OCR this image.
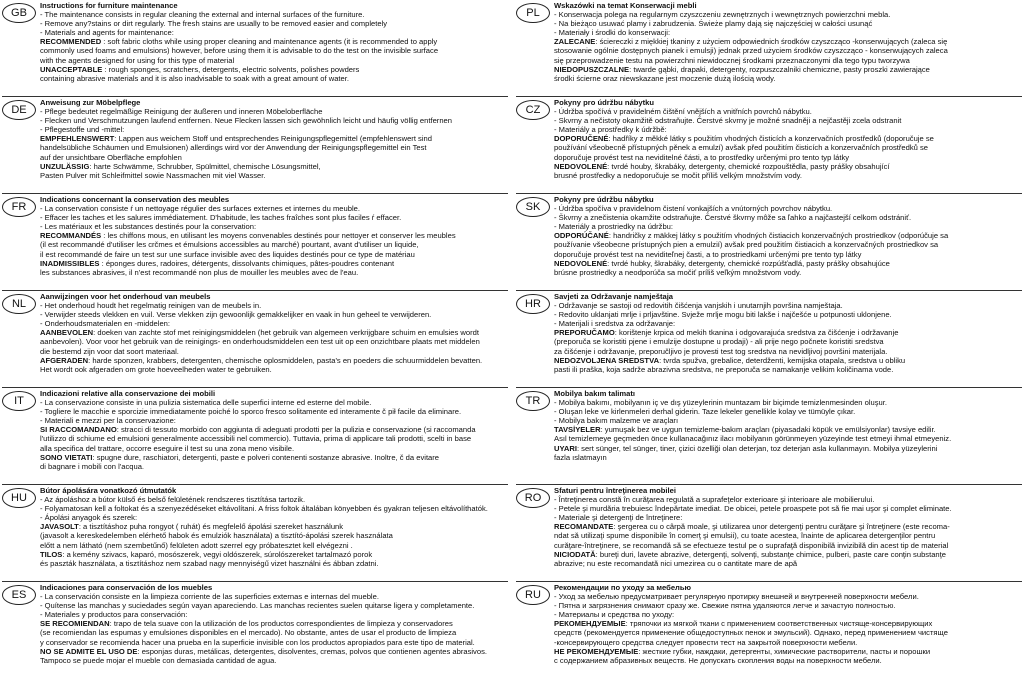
GB
Instructions for furniture maintenance
- The maintenance consists in regular cleaning the external and internal surfaces of the furniture.
- Remove any?stains or dirt regularly. The fresh stains are usually to be removed easier and completely
- Materials and agents for maintenance:
RECOMMENDED : soft fabric cloths while using proper cleaning and maintenance agents (it is recommended to apply
commonly used foams and emulsions) however, before using them it is advisable to do the test on the invisible surface
with the agents designed for using for this type of material
UNACCEPTABLE : rough sponges, scratchers, detergents, electric solvents, polishes powders
containing abrasive materials and it is also inadvisable to soak with a great amount of water.
DE
Anweisung zur Möbelpflege
- Pflege bedeutet regelmäßige Reinigung der äußeren und inneren Möbeloberfläche
- Flecken und Verschmutzungen laufend entfernen. Neue Flecken lassen sich gewöhnlich leicht und häufig völlig entfernen
- Pflegestoffe und -mittel:
EMPFEHLENSWERT: Lappen aus weichem Stoff und entsprechendes Reinigungspflegemittel (empfehlenswert sind
handelsübliche Schäumen und Emulsionen) allerdings wird vor der Anwendung der Reinigungspflegemittel ein Test
auf der unsichtbare Oberfläche empfohlen
UNZULÄSSIG: harte Schwämme, Schrubber, Spülmittel, chemische Lösungsmittel,
Pasten Pulver mit Schleifmittel sowie Nassmachen mit viel Wasser.
FR
Indications concernant la conservation des meubles
- La conservation consiste ŕ un nettoyage régulier des surfaces externes et internes du meuble.
- Effacer les taches et les salures immédiatement. D'habitude, les taches fraîches sont plus faciles ŕ effacer.
- Les matériaux et les substances destinés pour la conservation:
RECOMMANDÉS : les chiffons mous, en utilisant les moyens convenables destinés pour nettoyer et conserver les meubles
(il est recommandé d'utiliser les crčmes et émulsions accessibles au marché) pourtant, avant d'utiliser un liquide,
il est recommandé de faire un test sur une surface invisible avec des liquides destinés pour ce type de matériau
INADMISSIBLES : éponges dures, radoires, détergents, dissolvants chimiques, pâtes-poudres contenant
les substances abrasives, il n'est recommandé non plus de mouiller les meubles avec de l'eau.
NL
Aanwijzingen voor het onderhoud van meubels
- Het onderhoud houdt het regelmatig reinigen van de meubels in.
- Verwijder steeds vlekken en vuil. Verse vlekken zijn gewoonlijk gemakkelijker en vaak in hun geheel te verwijderen.
- Onderhoudsmaterialen en -middelen:
AANBEVOLEN: doeken van zachte stof met reinigingsmiddelen (het gebruik van algemeen verkrijgbare schuim en emulsies wordt
aanbevolen). Voor voor het gebruik van de reinigings- en onderhoudsmiddelen een test uit op een onzichtbare plaats met middelen
die bestemd zijn voor dat soort materiaal.
AFGERADEN: harde sponzen, krabbers, detergenten, chemische oplosmiddelen, pasta's en poeders die schuurmiddelen bevatten.
Het wordt ook afgeraden om grote hoeveelheden water te gebruiken.
IT
Indicazioni relative alla conservazione dei mobili
- La conservazione consiste in una pulizia sistematica delle superfici interne ed esterne del mobile.
- Togliere le macchie e sporcizie immediatamente poiché lo sporco fresco solitamente ed interamente č pił facile da eliminare.
- Materiali e mezzi per la conservazione:
SI RACCOMANDANO: stracci di tessuto morbido con aggiunta di adeguati prodotti per la pulizia e conservazione (si raccomanda
l'utilizzo di schiume ed emulsioni generalmente accessibili nel commercio). Tuttavia, prima di applicare tali prodotti, scelti in base
alla specifica del trattare, occorre eseguire il test su una zona meno visibile.
SONO VIETATI: spugne dure, raschiatori, detergenti, paste e polveri contenenti sostanze abrasive. Inoltre, č da evitare
di bagnare i mobili con l'acqua.
HU
Bútor ápolására vonatkozó útmutatók
- Az ápoláshoz a bútor külső és belső felületének rendszeres tisztítása tartozik.
- Folyamatosan kell a foltokat és a szenyezédéseket eltávolítani. A friss foltok általában könyebben és gyakran teljesen eltávolíthatók.
- Ápolási anyagok és szerek:
JAVASOLT: a tisztításhoz puha rongyot ( ruhát) és megfelelő ápolási szereket használunk
(javasolt a kereskedelemben elérhető habok és emulziók használata) a tisztító-ápolási szerek használata
előtt a nem látható (nem szembetűnő) felületen adott szerrel egy próbatesztet kell elvégezni .
TILOS: a kemény szivacs, kaparó, mosószerek, vegyi oldószerek, súrolószereket tartalmazó porok
és paszták használata, a tisztításhoz nem szabad nagy mennyiségű vizet használni és ábban zdatni.
ES
Indicaciones para conservación de los muebles
- La conservación consiste en la limpieza corriente de las superficies externas e internas del mueble.
- Quítense las manchas y suciedades según vayan apareciendo. Las manchas recientes suelen quitarse ligera y completamente.
- Materiales y productos para conservación:
SE RECOMIENDAN: trapo de tela suave con la utilización de los productos correspondientes de limpieza y conservadores
(se recomiendan las espumas y emulsiones disponibles en el mercado). No obstante, antes de usar el producto de limpieza
y conservador se recomienda hacer una prueba en la superficie invisible con los productos apropiados para este tipo de material.
NO SE ADMITE EL USO DE: esponjas duras, metálicas, detergentes, disolventes, cremas, polvos que contienen agentes abrasivos.
Tampoco se puede mojar el mueble con demasiada cantidad de agua.
PL
Wskazówki na temat Konserwacji mebli
- Konserwacja polega na regularnym czyszczeniu zewnętrznych i wewnętrznych powierzchni mebla.
- Na bieżąco usuwać plamy i zabrudzenia. Świeże plamy dają się najczęściej w całości usunąć
- Materiały i środki do konserwacji:
ZALECANE: ściereczki z miękkiej tkaniny z użyciem odpowiednich środków czyszcząco -konserwujących (zaleca się
stosowanie ogólnie dostępnych pianek i emulsji) jednak przed użyciem środków czyszcząco - konserwujących zaleca
się przeprowadzenie testu na powierzchni niewidocznej środkami przeznaczonymi dla tego typu tworzywa
NIEDOPUSZCZALNE: twarde gąbki, drapaki, detergenty, rozpuszczalniki chemiczne, pasty proszki zawierające
środki ścierne oraz niewskazane jest moczenie dużą ilością wody.
CZ
Pokyny pro údržbu nábytku
- Údržba spočívá v pravidelném čištění vnějších a vnitřních povrchů nábytku.
- Skvrny a nečistoty okamžitě odstraňujte. Čerstvé skvrny je možné snadněji a nejčastěji zcela odstranit
- Materiály a prostředky k údržbě:
DOPORUČENÉ: hadříky z měkké látky s použitím vhodných čisticích a konzervačních prostředků (doporučuje se
používání všeobecně přístupných pěnek a emulzí) avšak před použitím čisticích a konzervačních prostředků se
doporučuje provést test na neviditelné části, a to prostředky určenými pro tento typ látky
NEDOVOLENÉ: tvrdé houby, škrabáky, detergenty, chemické rozpouštědla, pasty prášky obsahující
brusné prostředky a nedoporučuje se močit příliš velkým množstvím vody.
SK
Pokyny pre údržbu nábytku
- Údržba spočíva v pravidelnom čistení vonkajších a vnútorných povrchov nábytku.
- Škvrny a znečistenia okamžite odstraňujte. Čerstvé škvrny môže sa ľahko a najčastejší celkom odstrániť.
- Materiály a prostriedky na údržbu:
ODPORÚČANÉ: handričky z mäkkej látky s použitím vhodných čistiacich konzervačných prostriedkov (odporúčuje sa
používanie všeobecne prístupných pien a emulzií) avšak pred použitím čistiacich a konzervačných prostriedkov sa
doporučuje provést test na neviditeľnej časti, a to prostriedkami určenými pre tento typ látky
NEDOVOLENÉ: tvrdé hubky, škrabáky, detergenty, chemické rozpúšťadlá, pasty prášky obsahujúce
brúsne prostriedky a neodporúča sa močiť príliš veľkým množstvom vody.
HR
Savjeti za Održavanje namještaja
- Održavanje se sastoji od redovitih čišćenja vanjskih i unutarnjih površina namještaja.
- Redovito uklanjati mrlje i prljavštine. Svježe mrlje mogu biti lakše i najčešće u potpunosti uklonjene.
- Materijali i sredstva za održavanje:
PREPORUČAMO: korištenje krpica od mekih tkanina i odgovarajuća sredstva za čišćenje i održavanje
(preporuča se koristiti pjene i emulzije dostupne u prodaji) - ali prije nego počnete koristiti sredstva
za čišćenje i održavanje, preporučljivo je provesti test tog sredstva na nevidljivoj površini materijala.
NEDOZVOLJENA SREDSTVA: tvrda spužva, grebalice, deterdženti, kemijska otapala, sredstva u obliku
pasti ili praška, koja sadrže abrazivna sredstva, ne preporuča se namakanje velikim količinama vode.
TR
Mobilya bakım talimatı
- Mobilya bakımı, mobilyanın iç ve dış yüzeylerinin muntazam bir biçimde temizlenmesinden oluşur.
- Oluşan leke ve kirlenmeleri derhal giderin. Taze lekeler genellikle kolay ve tümüyle çıkar.
- Mobilya bakım malzeme ve araçları
TAVSİYELER: yumuşak bez ve uygun temizleme-bakım araçları (piyasadaki köpük ve emülsiyonlar) tavsiye edilir.
Asıl temizlemeye geçmeden önce kullanacağınız ilacı mobilyanın görünmeyen yüzeyinde test etmeyi ihmal etmeyeniz.
UYARI: sert sünger, tel sünger, tiner, çizici özelliği olan deterjan, toz deterjan asla kullanmayın. Mobilya yüzeylerini
fazla ıslatmayın
RO
Sfaturi pentru întreţinerea mobilei
- Întreţinerea constă în curăţarea regulată a suprafeţelor exterioare şi interioare ale mobilierului.
- Petele şi murdăria trebuiesc îndepărtate imediat. De obicei, petele proaspete pot să fie mai uşor şi complet eliminate.
- Materiale şi detergenţi de întreţinere:
RECOMANDATE: şergerea cu o cârpă moale, şi utilizarea unor detergenţi pentru curăţare şi întreţinere (este recoma-
ndat să utilizaţi spume disponibile în comerţ şi emulsii), cu toate acestea, înainte de aplicarea detergenţilor pentru
curăţare-întreţinere, se recomandă să se efectueze testul pe o suprafaţă disponibilă invizibilă din acest tip de material
NICIODATĂ: bureţi duri, lavete abrazive, detergenţi, solvenţi, substanţe chimice, pulberi, paste care conţin substanţe
abrazive; nu este recomandată nici umezirea cu o cantitate mare de apă
RU
Рекомендации по уходу за мебелью
- Уход за мебелью предусматривает регулярную протирку внешней и внутренней поверхности мебели.
- Пятна и загрязнения снимают сразу же. Свежие пятна удаляются легче и зачастую полностью.
- Материалы и средства по уходу:
РЕКОМЕНДУЕМЫЕ: тряпочки из мягкой ткани с применением соответственных чистяще-консервирующих
средств (рекомендуется применение общедоступных пенок и эмульсий). Однако, перед применением чистяще
-консервирующего средства следует провести тест на закрытой поверхности мебели.
НЕ РЕКОМЕНДУЕМЫЕ: жесткие губки, наждаки, детергенты, химические растворители, пасты и порошки
с содержанием абразивных веществ. Не допускать скопления воды на поверхности мебели.
